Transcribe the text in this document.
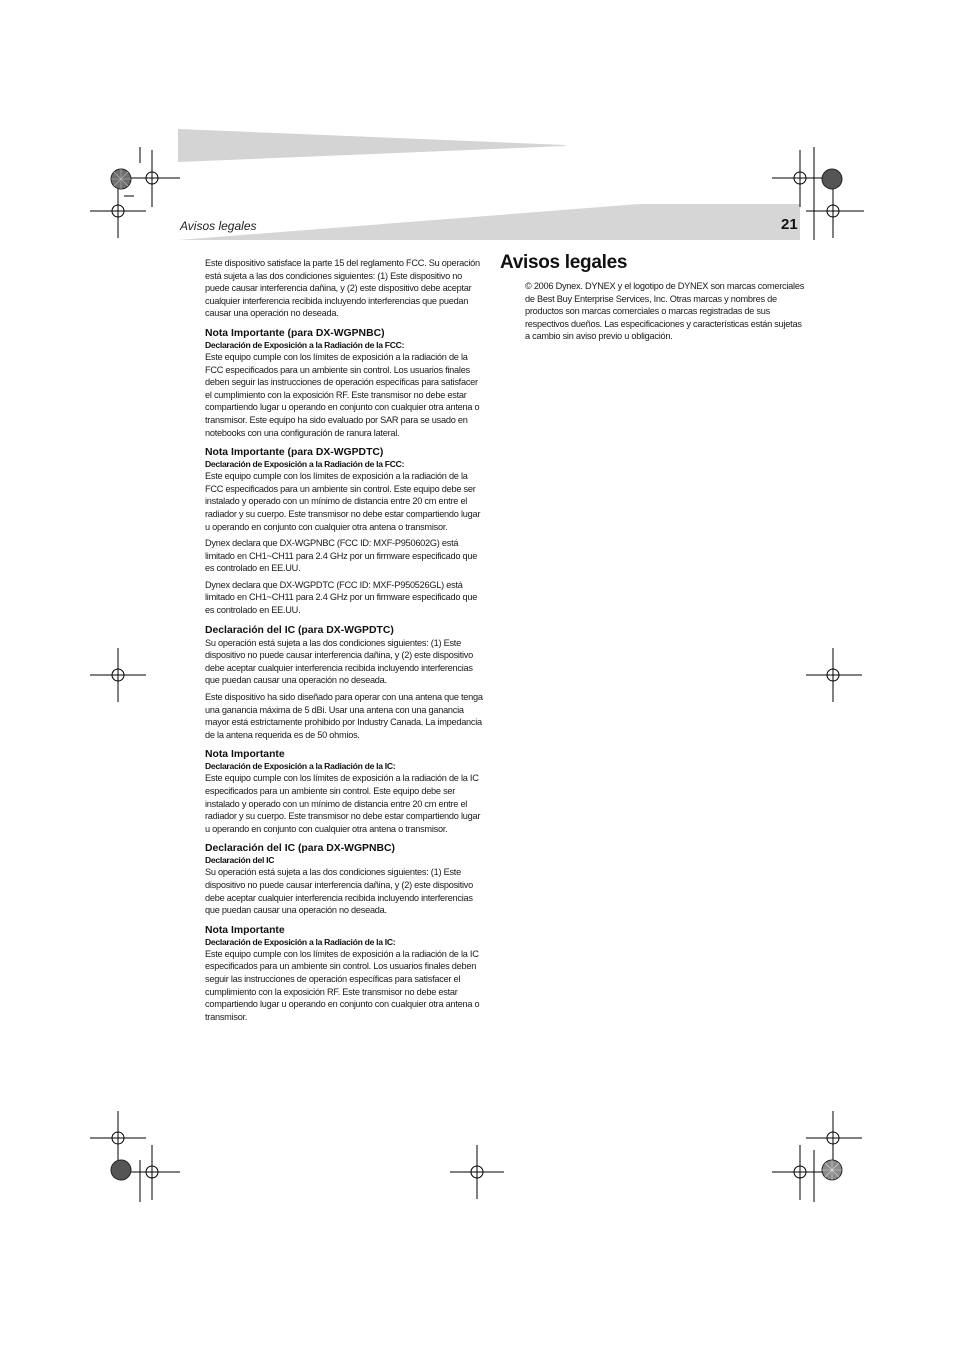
Avisos legales	21

Este dispositivo satisface la parte 15 del reglamento FCC. Su operación está sujeta a las dos condiciones siguientes: (1) Este dispositivo no puede causar interferencia dañina, y (2) este dispositivo debe aceptar cualquier interferencia recibida incluyendo interferencias que puedan causar una operación no deseada.

Nota Importante (para DX-WGPNBC)
Declaración de Exposición a la Radiación de la FCC:

Este equipo cumple con los límites de exposición a la radiación de la FCC especificados para un ambiente sin control. Los usuarios finales deben seguir las instrucciones de operación específicas para satisfacer el cumplimiento con la exposición RF. Este transmisor no debe estar compartiendo lugar u operando en conjunto con cualquier otra antena o transmisor. Este equipo ha sido evaluado por SAR para se usado en notebooks con una configuración de ranura lateral.

Nota Importante (para DX-WGPDTC)
Declaración de Exposición a la Radiación de la FCC:

Este equipo cumple con los límites de exposición a la radiación de la FCC especificados para un ambiente sin control. Este equipo debe ser instalado y operado con un mínimo de distancia entre 20 cm entre el radiador y su cuerpo. Este transmisor no debe estar compartiendo lugar u operando en conjunto con cualquier otra antena o transmisor.

Dynex declara que DX-WGPNBC (FCC ID: MXF-P950602G) está limitado en CH1~CH11 para 2.4 GHz por un firmware especificado que es controlado en EE.UU.

Dynex declara que DX-WGPDTC (FCC ID: MXF-P950526GL) está limitado en CH1~CH11 para 2.4 GHz por un firmware especificado que es controlado en EE.UU.

Declaración del IC (para DX-WGPDTC)

Su operación está sujeta a las dos condiciones siguientes: (1) Este dispositivo no puede causar interferencia dañina, y (2) este dispositivo debe aceptar cualquier interferencia recibida incluyendo interferencias que puedan causar una operación no deseada.

Este dispositivo ha sido diseñado para operar con una antena que tenga una ganancia máxima de 5 dBi. Usar una antena con una ganancia mayor está estrictamente prohibido por Industry Canada. La impedancia de la antena requerida es de 50 ohmios.

Nota Importante
Declaración de Exposición a la Radiación de la IC:

Este equipo cumple con los límites de exposición a la radiación de la IC especificados para un ambiente sin control. Este equipo debe ser instalado y operado con un mínimo de distancia entre 20 cm entre el radiador y su cuerpo. Este transmisor no debe estar compartiendo lugar u operando en conjunto con cualquier otra antena o transmisor.

Declaración del IC (para DX-WGPNBC)
Declaración del IC

Su operación está sujeta a las dos condiciones siguientes: (1) Este dispositivo no puede causar interferencia dañina, y (2) este dispositivo debe aceptar cualquier interferencia recibida incluyendo interferencias que puedan causar una operación no deseada.

Nota Importante
Declaración de Exposición a la Radiación de la IC:

Este equipo cumple con los límites de exposición a la radiación de la IC especificados para un ambiente sin control. Los usuarios finales deben seguir las instrucciones de operación específicas para satisfacer el cumplimiento con la exposición RF. Este transmisor no debe estar compartiendo lugar u operando en conjunto con cualquier otra antena o transmisor.

Avisos legales

© 2006 Dynex. DYNEX y el logotipo de DYNEX son marcas comerciales de Best Buy Enterprise Services, Inc. Otras marcas y nombres de productos son marcas comerciales o marcas registradas de sus respectivos dueños. Las especificaciones y características están sujetas a cambio sin aviso previo u obligación.
